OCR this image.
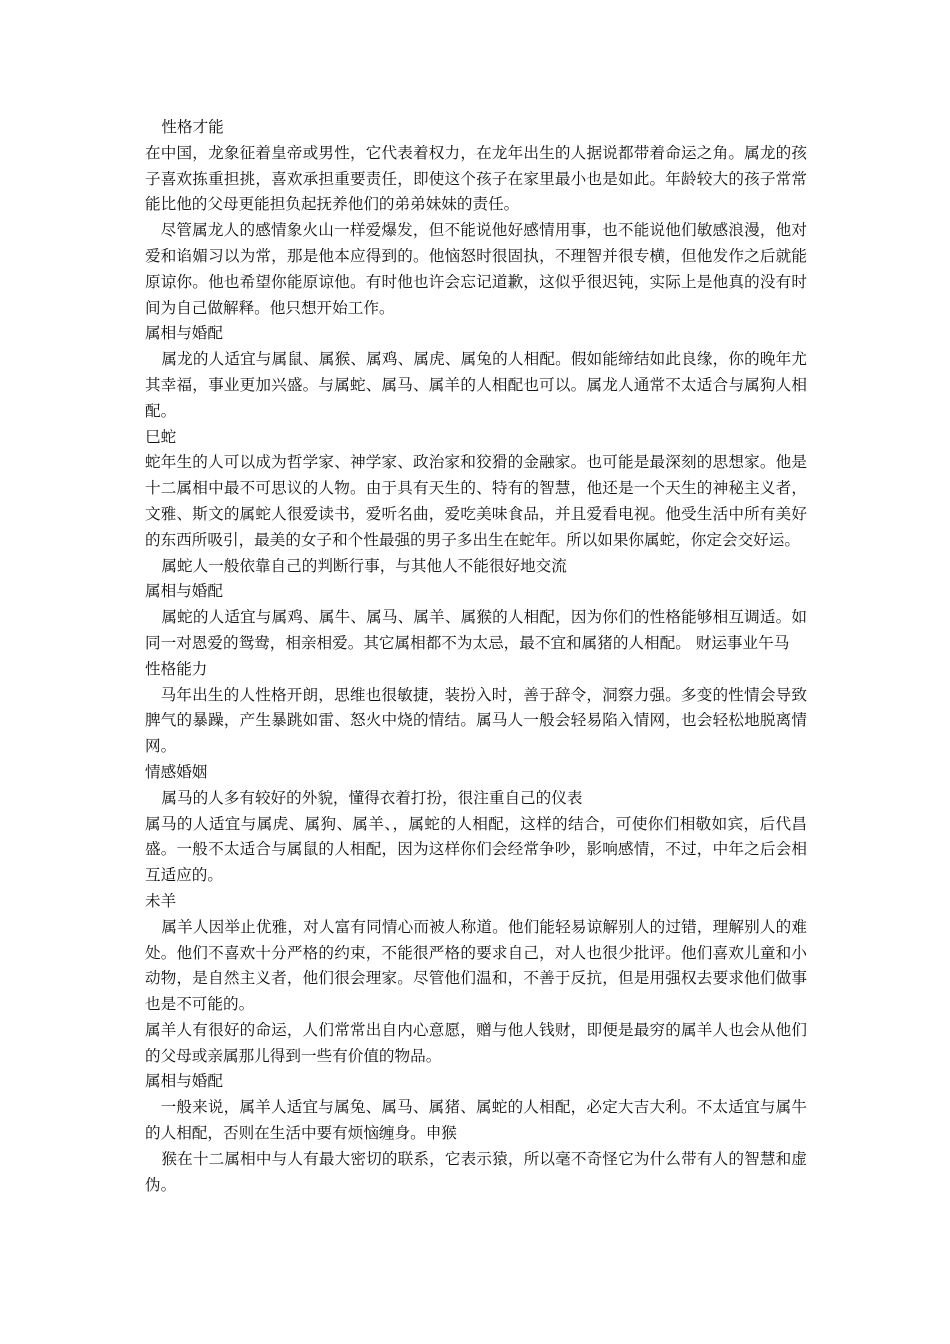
性格才能

在中国，龙象征着皇帝或男性，它代表着权力，在龙年出生的人据说都带着命运之角。属龙的孩子喜欢拣重担挑，喜欢承担重要责任，即使这个孩子在家里最小也是如此。年龄较大的孩子常常能比他的父母更能担负起抚养他们的弟弟妹妹的责任。

尽管属龙人的感情象火山一样爱爆发，但不能说他好感情用事，也不能说他们敏感浪漫，他对爱和谄媚习以为常，那是他本应得到的。他恼怒时很固执，不理智并很专横，但他发作之后就能原谅你。他也希望你能原谅他。有时他也许会忘记道歉，这似乎很迟钝，实际上是他真的没有时间为自己做解释。他只想开始工作。

属相与婚配

属龙的人适宜与属鼠、属猴、属鸡、属虎、属兔的人相配。假如能缔结如此良缘，你的晚年尤其幸福，事业更加兴盛。与属蛇、属马、属羊的人相配也可以。属龙人通常不太适合与属狗人相配。

巳蛇

蛇年生的人可以成为哲学家、神学家、政治家和狡猾的金融家。也可能是最深刻的思想家。他是十二属相中最不可思议的人物。由于具有天生的、特有的智慧，他还是一个天生的神秘主义者，文雅、斯文的属蛇人很爱读书，爱听名曲，爱吃美味食品，并且爱看电视。他受生活中所有美好的东西所吸引，最美的女子和个性最强的男子多出生在蛇年。所以如果你属蛇，你定会交好运。

属蛇人一般依靠自己的判断行事，与其他人不能很好地交流

属相与婚配

属蛇的人适宜与属鸡、属牛、属马、属羊、属猴的人相配，因为你们的性格能够相互调适。如同一对恩爱的鸳鸯，相亲相爱。其它属相都不为太忌，最不宜和属猪的人相配。 财运事业午马

性格能力

马年出生的人性格开朗，思维也很敏捷，装扮入时，善于辞令，洞察力强。多变的性情会导致脾气的暴躁，产生暴跳如雷、怒火中烧的情结。属马人一般会轻易陷入情网，也会轻松地脱离情网。

情感婚姻

属马的人多有较好的外貌，懂得衣着打扮，很注重自己的仪表

属马的人适宜与属虎、属狗、属羊、，属蛇的人相配，这样的结合，可使你们相敬如宾，后代昌盛。一般不太适合与属鼠的人相配，因为这样你们会经常争吵，影响感情，不过，中年之后会相互适应的。

未羊

属羊人因举止优雅，对人富有同情心而被人称道。他们能轻易谅解别人的过错，理解别人的难处。他们不喜欢十分严格的约束，不能很严格的要求自己，对人也很少批评。他们喜欢儿童和小动物，是自然主义者，他们很会理家。尽管他们温和，不善于反抗，但是用强权去要求他们做事也是不可能的。

属羊人有很好的命运，人们常常出自内心意愿，赠与他人钱财，即便是最穷的属羊人也会从他们的父母或亲属那儿得到一些有价值的物品。

属相与婚配

一般来说，属羊人适宜与属兔、属马、属猪、属蛇的人相配，必定大吉大利。不太适宜与属牛的人相配，否则在生活中要有烦恼缠身。申猴

猴在十二属相中与人有最大密切的联系，它表示猿，所以毫不奇怪它为什么带有人的智慧和虚伪。
